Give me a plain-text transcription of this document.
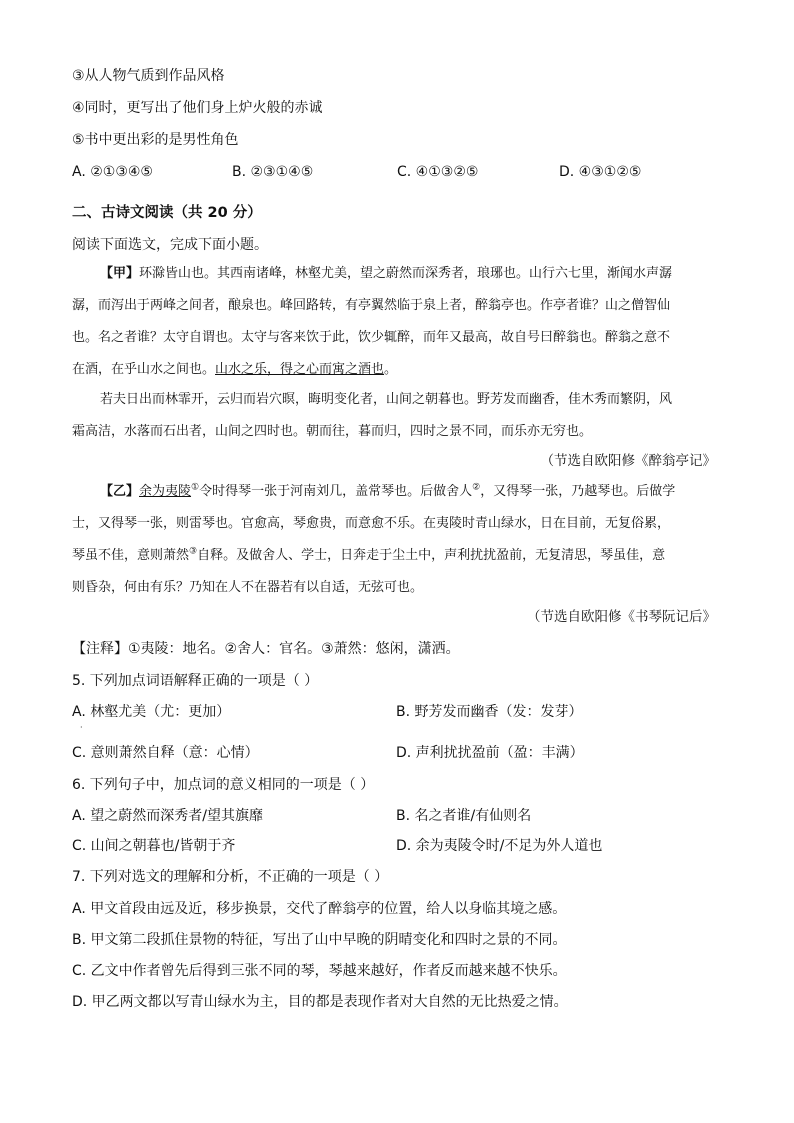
③从人物气质到作品风格
④同时，更写出了他们身上炉火般的赤诚
⑤书中更出彩的是男性角色
A. ②①③④⑤	B. ②③①④⑤	C. ④①③②⑤	D. ④③①②⑤
二、古诗文阅读（共 20 分）
阅读下面选文，完成下面小题。
【甲】环滁皆山也。其西南诸峰，林壑尤美，望之蔚然而深秀者，琅琊也。山行六七里，渐闻水声潺
潺，而泻出于两峰之间者，酿泉也。峰回路转，有亭翼然临于泉上者，醉翁亭也。作亭者谁？山之僧智仙
也。名之者谁？太守自谓也。太守与客来饮于此，饮少辄醉，而年又最高，故自号曰醉翁也。醉翁之意不
在酒，在乎山水之间也。山水之乐，得之心而寓之酒也。
若夫日出而林霏开，云归而岩穴暝，晦明变化者，山间之朝暮也。野芳发而幽香，佳木秀而繁阴，风
霜高洁，水落而石出者，山间之四时也。朝而往，暮而归，四时之景不同，而乐亦无穷也。
（节选自欧阳修《醉翁亭记》
【乙】余为夷陵①令时得琴一张于河南刘几，盖常琴也。后做舍人②，又得琴一张，乃越琴也。后做学
士，又得琴一张，则雷琴也。官愈高，琴愈贵，而意愈不乐。在夷陵时青山绿水，日在目前，无复俗累，
琴虽不佳，意则萧然③自释。及做舍人、学士，日奔走于尘土中，声利扰扰盈前，无复清思，琴虽佳，意
则昏杂，何由有乐？乃知在人不在器若有以自适，无弦可也。
（节选自欧阳修《书琴阮记后》
【注释】①夷陵：地名。②舍人：官名。③萧然：悠闲，潇洒。
5. 下列加点词语解释正确的一项是（ ）
A. 林壑尤美（尤：更加）	B. 野芳发而幽香（发：发芽）
·
C. 意则萧然自释（意：心情）	D. 声利扰扰盈前（盈：丰满）
6. 下列句子中，加点词的意义相同的一项是（ ）
A. 望之蔚然而深秀者/望其旗靡	B. 名之者谁/有仙则名
C. 山间之朝暮也/皆朝于齐	D. 余为夷陵令时/不足为外人道也
7. 下列对选文的理解和分析，不正确的一项是（ ）
A. 甲文首段由远及近，移步换景，交代了醉翁亭的位置，给人以身临其境之感。
B. 甲文第二段抓住景物的特征，写出了山中早晚的阴晴变化和四时之景的不同。
C. 乙文中作者曾先后得到三张不同的琴，琴越来越好，作者反而越来越不快乐。
D. 甲乙两文都以写青山绿水为主，目的都是表现作者对大自然的无比热爱之情。
